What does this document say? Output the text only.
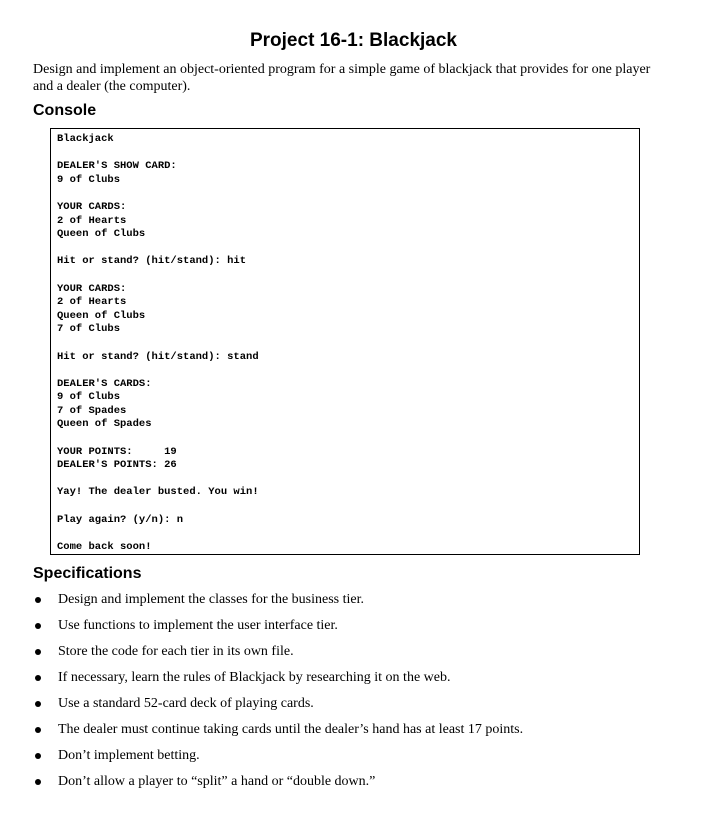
Project 16-1: Blackjack
Design and implement an object-oriented program for a simple game of blackjack that provides for one player and a dealer (the computer).
Console
Blackjack

DEALER'S SHOW CARD:
9 of Clubs

YOUR CARDS:
2 of Hearts
Queen of Clubs

Hit or stand? (hit/stand): hit

YOUR CARDS:
2 of Hearts
Queen of Clubs
7 of Clubs

Hit or stand? (hit/stand): stand

DEALER'S CARDS:
9 of Clubs
7 of Spades
Queen of Spades

YOUR POINTS:     19
DEALER'S POINTS: 26

Yay! The dealer busted. You win!

Play again? (y/n): n

Come back soon!
Specifications
Design and implement the classes for the business tier.
Use functions to implement the user interface tier.
Store the code for each tier in its own file.
If necessary, learn the rules of Blackjack by researching it on the web.
Use a standard 52-card deck of playing cards.
The dealer must continue taking cards until the dealer’s hand has at least 17 points.
Don’t implement betting.
Don’t allow a player to “split” a hand or “double down.”
